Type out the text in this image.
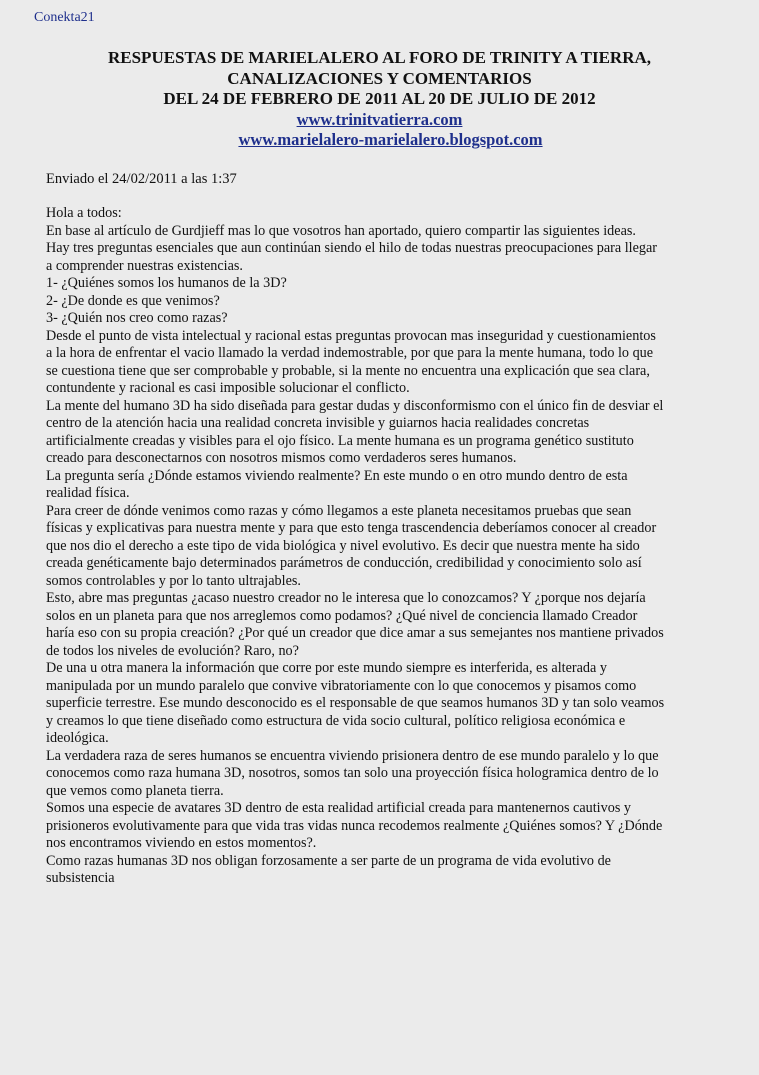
Conekta21
RESPUESTAS DE MARIELALERO AL FORO DE TRINITY A TIERRA,
CANALIZACIONES Y COMENTARIOS
DEL 24 DE FEBRERO DE 2011 AL 20 DE JULIO DE 2012
www.trinitvatierra.com
www.marielalero-marielalero.blogspot.com
Enviado el 24/02/2011 a las 1:37
Hola a todos:
En base al artículo de Gurdjieff mas lo que vosotros han aportado, quiero compartir las siguientes ideas.
Hay tres preguntas esenciales que aun continúan siendo el hilo de todas nuestras preocupaciones para llegar
a comprender nuestras existencias.
1- ¿Quiénes somos los humanos de la 3D?
2- ¿De donde es que venimos?
3- ¿Quién nos creo como razas?
Desde el punto de vista intelectual y racional estas preguntas provocan mas inseguridad y cuestionamientos
a la hora de enfrentar el vacio llamado la verdad indemostrable, por que para la mente humana, todo lo que
se cuestiona tiene que ser comprobable y probable, si la mente no encuentra una explicación que sea clara,
contundente y racional es casi imposible solucionar el conflicto.
La mente del humano 3D ha sido diseñada para gestar dudas y disconformismo con el único fin de desviar el
centro de la atención hacia una realidad concreta invisible y guiarnos hacia realidades concretas
artificialmente creadas y visibles para el ojo físico. La mente humana es un programa genético sustituto
creado para desconectarnos con nosotros mismos como verdaderos seres humanos.
La pregunta sería ¿Dónde estamos viviendo realmente? En este mundo o en otro mundo dentro de esta
realidad física.
Para creer de dónde venimos como razas y cómo llegamos a este planeta necesitamos pruebas que sean
físicas y explicativas para nuestra mente y para que esto tenga trascendencia deberíamos conocer al creador
que nos dio el derecho a este tipo de vida biológica y nivel evolutivo. Es decir que nuestra mente ha sido
creada genéticamente bajo determinados parámetros de conducción, credibilidad y conocimiento solo así
somos controlables y por lo tanto ultrajables.
Esto, abre mas preguntas ¿acaso nuestro creador no le interesa que lo conozcamos? Y ¿porque nos dejaría
solos en un planeta para que nos arreglemos como podamos? ¿Qué nivel de conciencia llamado Creador
haría eso con su propia creación? ¿Por qué un creador que dice amar a sus semejantes nos mantiene privados
de todos los niveles de evolución? Raro, no?
De una u otra manera la información que corre por este mundo siempre es interferida, es alterada y
manipulada por un mundo paralelo que convive vibratoriamente con lo que conocemos y pisamos como
superficie terrestre. Ese mundo desconocido es el responsable de que seamos humanos 3D y tan solo veamos
y creamos lo que tiene diseñado como estructura de vida socio cultural, político religiosa económica e
ideológica.
La verdadera raza de seres humanos se encuentra viviendo prisionera dentro de ese mundo paralelo y lo que
conocemos como raza humana 3D, nosotros, somos tan solo una proyección física hologramica dentro de lo
que vemos como planeta tierra.
Somos una especie de avatares 3D dentro de esta realidad artificial creada para mantenernos cautivos y
prisioneros evolutivamente para que vida tras vidas nunca recodemos realmente ¿Quiénes somos? Y ¿Dónde
nos encontramos viviendo en estos momentos?.
Como razas humanas 3D nos obligan forzosamente a ser parte de un programa de vida evolutivo de
subsistencia
